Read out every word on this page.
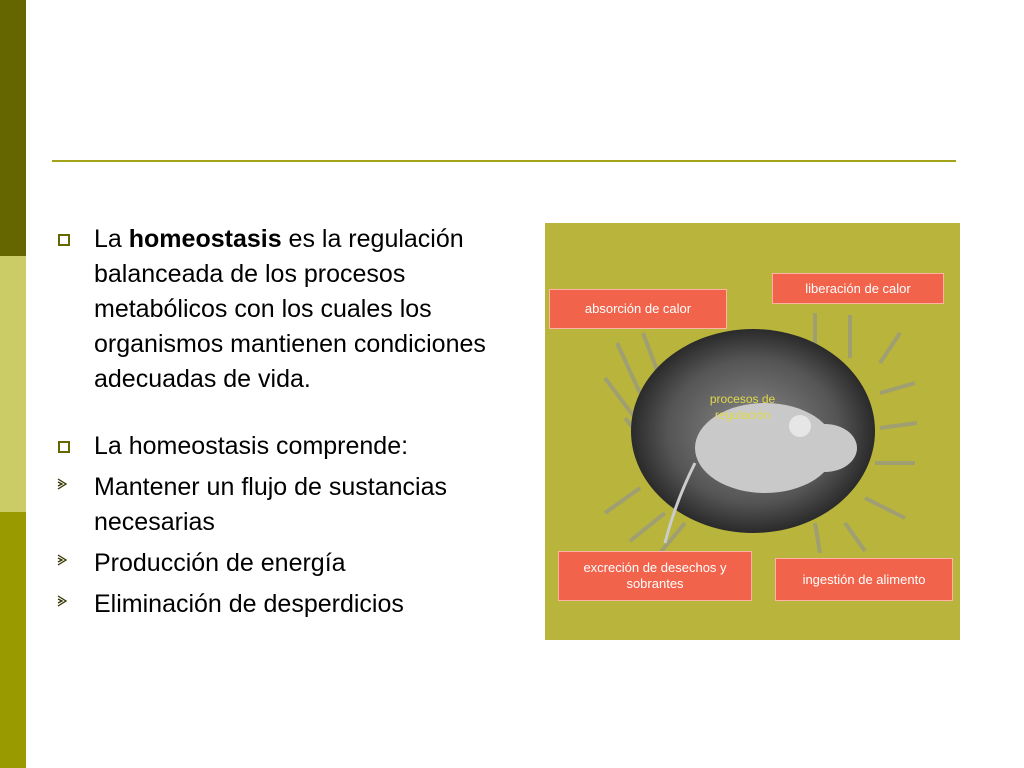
La homeostasis es la regulación balanceada de los procesos metabólicos con los cuales los organismos mantienen condiciones adecuadas de vida.
La homeostasis comprende:
Mantener un flujo de sustancias necesarias
Producción de energía
Eliminación de desperdicios
absorción de calor
liberación de calor
excreción de desechos y sobrantes	ingestión de alimento
procesos de regulación
